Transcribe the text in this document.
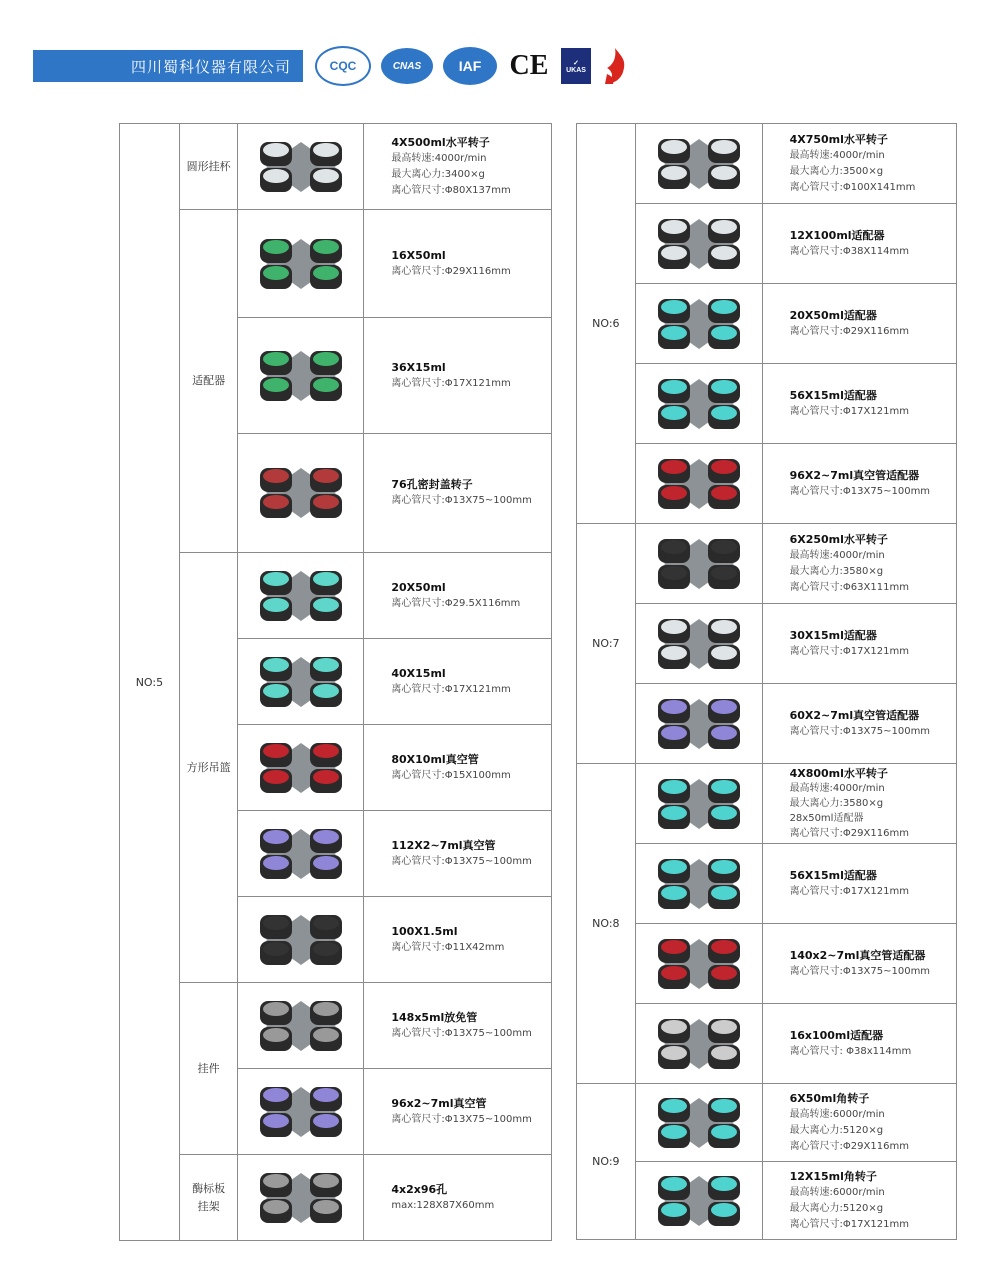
四川蜀科仪器有限公司	CQC	CNAS	IAF	CE	✓
UKAS
NO:5	圆形挂杯		4X500ml水平转子
最高转速:4000r/min
最大离心力:3400×g
离心管尺寸:Φ80X137mm

	适配器		16X50ml
离心管尺寸:Φ29X116mm

36X15ml
离心管尺寸:Φ17X121mm

76孔密封盖转子
离心管尺寸:Φ13X75~100mm

	方形吊篮		20X50ml
离心管尺寸:Φ29.5X116mm

40X15ml
离心管尺寸:Φ17X121mm

80X10ml真空管
离心管尺寸:Φ15X100mm

112X2~7ml真空管
离心管尺寸:Φ13X75~100mm

100X1.5ml
离心管尺寸:Φ11X42mm

	挂件		148x5ml放免管
离心管尺寸:Φ13X75~100mm

96x2~7ml真空管
离心管尺寸:Φ13X75~100mm

	酶标板
挂架		4x2x96孔
max:128X87X60mm
NO:6		4X750ml水平转子
最高转速:4000r/min
最大离心力:3500×g
离心管尺寸:Φ100X141mm

12X100ml适配器
离心管尺寸:Φ38X114mm

20X50ml适配器
离心管尺寸:Φ29X116mm

56X15ml适配器
离心管尺寸:Φ17X121mm

96X2~7ml真空管适配器
离心管尺寸:Φ13X75~100mm

NO:7		6X250ml水平转子
最高转速:4000r/min
最大离心力:3580×g
离心管尺寸:Φ63X111mm

30X15ml适配器
离心管尺寸:Φ17X121mm

60X2~7ml真空管适配器
离心管尺寸:Φ13X75~100mm

NO:8		4X800ml水平转子
最高转速:4000r/min
最大离心力:3580×g
28x50ml适配器
离心管尺寸:Φ29X116mm

56X15ml适配器
离心管尺寸:Φ17X121mm

140x2~7ml真空管适配器
离心管尺寸:Φ13X75~100mm

16x100ml适配器
离心管尺寸: Φ38x114mm

NO:9		6X50ml角转子
最高转速:6000r/min
最大离心力:5120×g
离心管尺寸:Φ29X116mm

12X15ml角转子
最高转速:6000r/min
最大离心力:5120×g
离心管尺寸:Φ17X121mm
